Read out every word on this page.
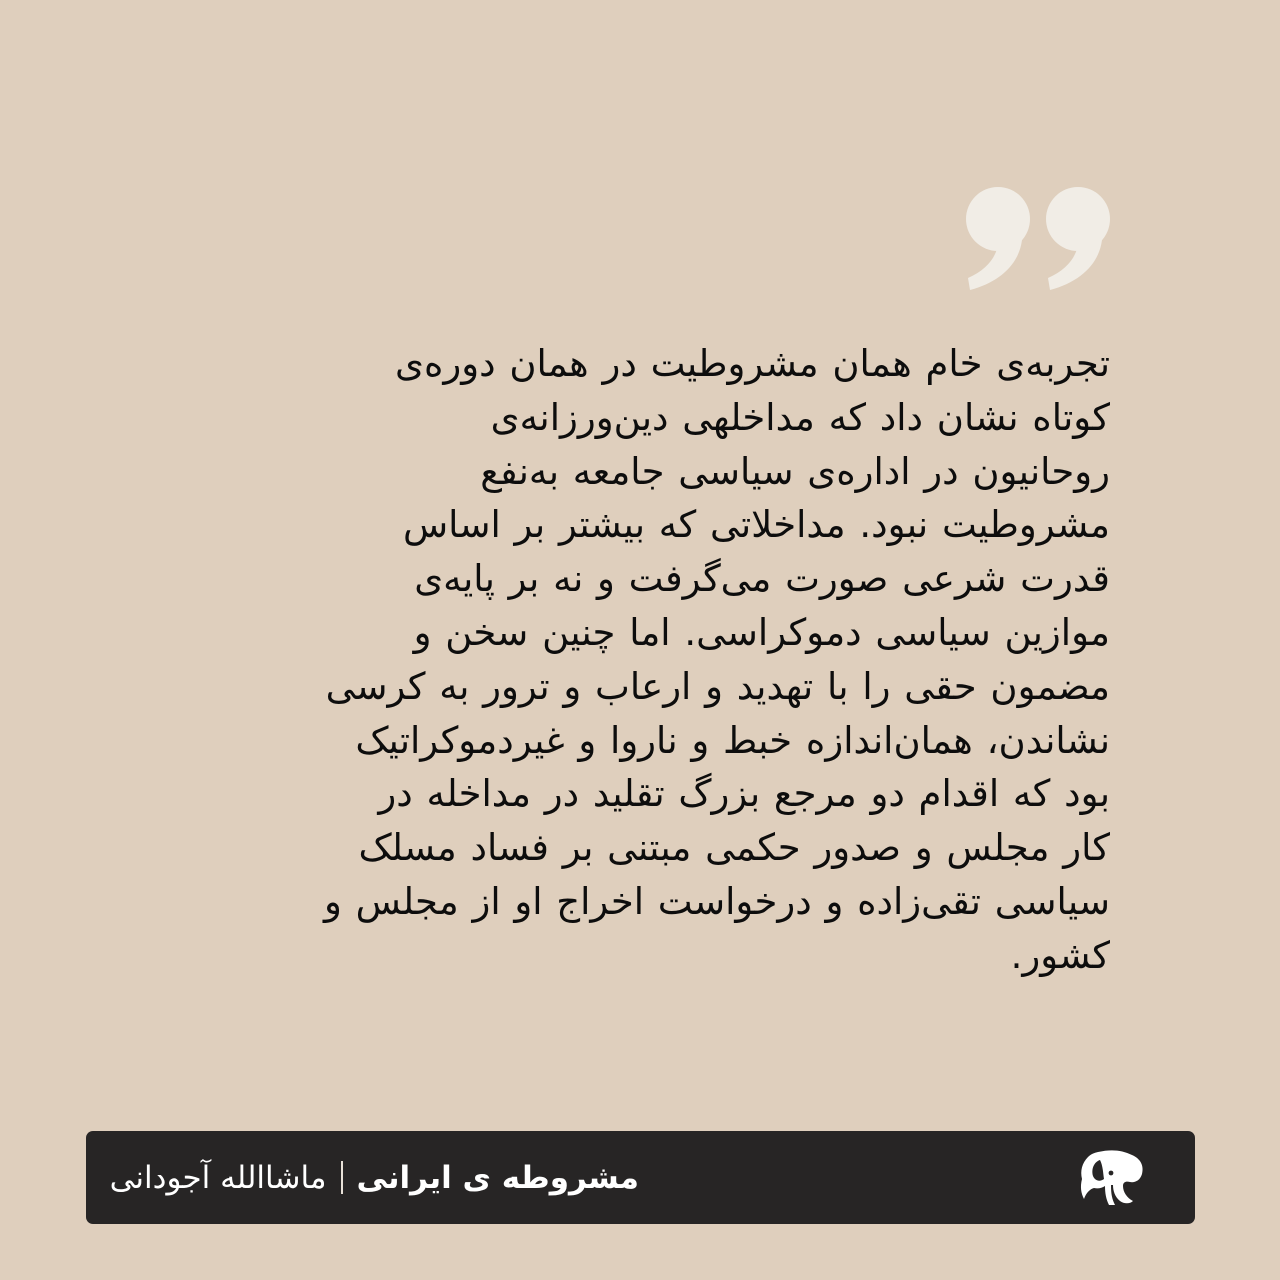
تجربه‌ی خام همان مشروطیت در همان دوره‌ی
کوتاه نشان داد که مداخلهی دین‌ورزانه‌ی
روحانیون در اداره‌ی سیاسی جامعه به‌نفع
مشروطیت نبود. مداخلاتی که بیشتر بر اساس
قدرت شرعی صورت می‌گرفت و نه بر پایه‌ی
موازین سیاسی دموکراسی. اما چنین سخن و
مضمون حقی را با تهدید و ارعاب و ترور به کرسی
نشاندن، همان‌اندازه خبط و ناروا و غیردموکراتیک
بود که اقدام دو مرجع بزرگ تقلید در مداخله در
کار مجلس و صدور حکمی مبتنی بر فساد مسلک
سیاسی تقی‌زاده و درخواست اخراج او از مجلس و
کشور.

مشروطه ی ایرانی
ماشاالله آجودانی
